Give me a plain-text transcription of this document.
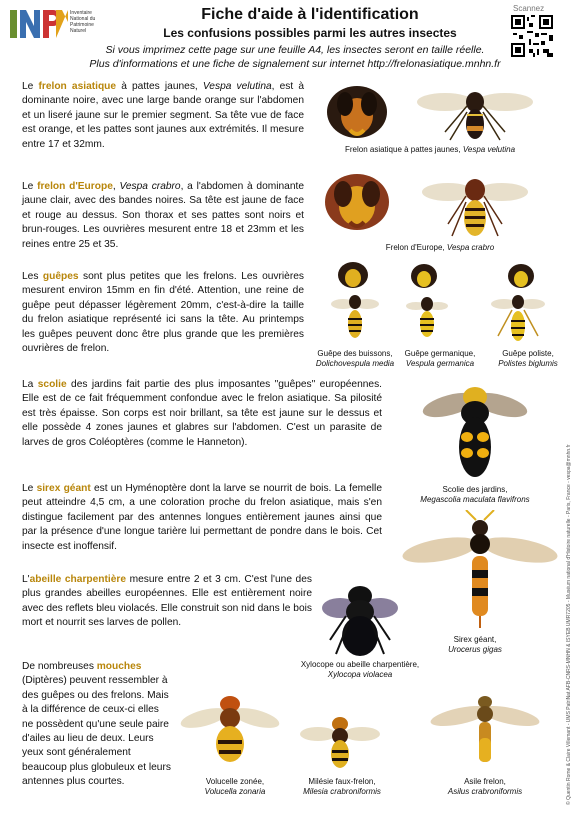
Inventaire National du Patrimoine Naturel
Fiche d'aide à l'identification
Les confusions possibles parmi les autres insectes
Si vous imprimez cette page sur une feuille A4, les insectes seront en taille réelle.
Plus d'informations et une fiche de signalement sur internet http://frelonasiatique.mnhn.fr
Scannez
Le frelon asiatique à pattes jaunes, Vespa velutina, est à dominante noire, avec une large bande orange sur l'abdomen et un liseré jaune sur le premier segment. Sa tête vue de face est orange, et les pattes sont jaunes aux extrémités. Il mesure entre 17 et 32mm.	Frelon asiatique à pattes jaunes, Vespa velutina
Le frelon d'Europe, Vespa crabro, a l'abdomen à dominante jaune clair, avec des bandes noires. Sa tête est jaune de face et rouge au dessus. Son thorax et ses pattes sont noirs et brun-rouges. Les ouvrières mesurent entre 18 et 23mm et les reines entre 25 et 35.	Frelon d'Europe, Vespa crabro
Les guêpes sont plus petites que les frelons. Les ouvrières mesurent environ 15mm en fin d'été. Attention, une reine de guêpe peut dépasser légèrement 20mm, c'est-à-dire la taille du frelon asiatique représenté ici sans la tête. Au printemps les guêpes peuvent donc être plus grande que les premières ouvrières de frelon.	Guêpe des buissons,
Dolichovespula media
Guêpe germanique,
Vespula germanica
Guêpe poliste,
Polistes biglumis
La scolie des jardins fait partie des plus imposantes "guêpes" européennes. Elle est de ce fait fréquemment confondue avec le frelon asiatique. Sa pilosité est très épaisse. Son corps est noir brillant, sa tête est jaune sur le dessus et elle possède 4 zones jaunes et glabres sur l'abdomen. C'est un parasite de larves de gros Coléoptères (comme le Hanneton).
Scolie des jardins,
Megascolia maculata flavifrons
Le sirex géant est un Hyménoptère dont la larve se nourrit de bois. La femelle peut atteindre 4,5 cm, a une coloration proche du frelon asiatique, mais s'en distingue facilement par des antennes longues entièrement jaunes ainsi que par la présence d'une longue tarière lui permettant de pondre dans le bois. Cet insecte est inoffensif.
Sirex géant,
Urocerus gigas
L'abeille charpentière mesure entre 2 et 3 cm. C'est l'une des plus grandes abeilles européennes. Elle est entièrement noire avec des reflets bleu violacés. Elle construit son nid dans le bois mort et nourrit ses larves de pollen.
Xylocope ou abeille charpentière,
Xylocopa violacea
De nombreuses mouches (Diptères) peuvent ressembler à des guêpes ou des frelons. Mais à la différence de ceux-ci elles ne possèdent qu'une seule paire d'ailes au lieu de deux. Leurs yeux sont généralement beaucoup plus globuleux et leurs antennes plus courtes.	Volucelle zonée,
Volucella zonaria
Milésie faux-frelon,
Milesia crabroniformis
Asile frelon,
Asilus crabroniformis	© Quentin Rome & Claire Villemant - UMS PatriNat AFB-CNRS-MNHN & ISYEB UMR7205 - Muséum national d'Histoire naturelle - Paris, France - vespa@mnhn.fr
